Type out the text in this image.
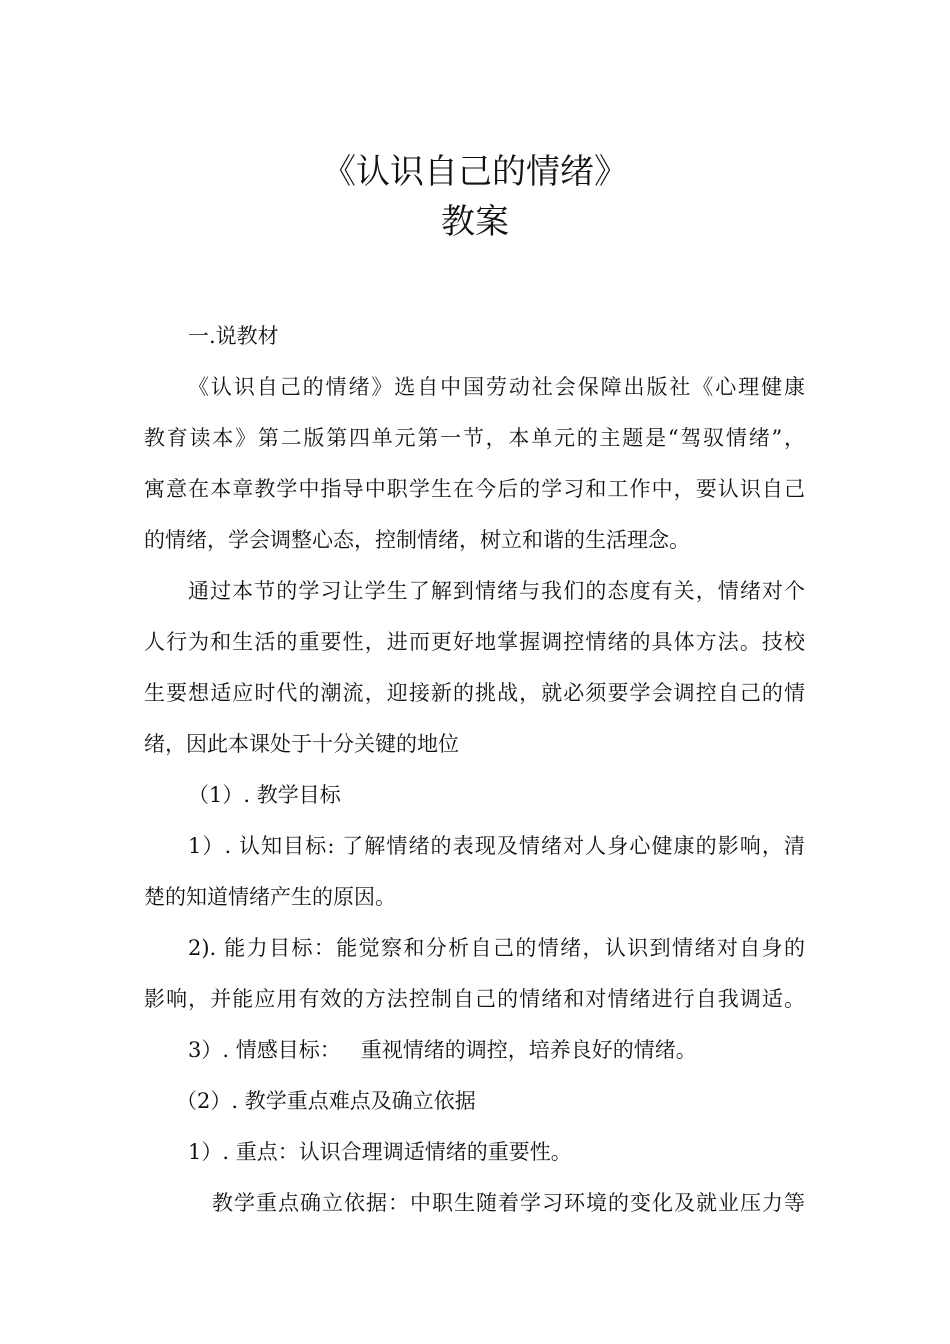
《认识自己的情绪》
教案
一.说教材
《认识自己的情绪》选自中国劳动社会保障出版社《心理健康
教育读本》第二版第四单元第一节，本单元的主题是“驾驭情绪”，
寓意在本章教学中指导中职学生在今后的学习和工作中，要认识自己
的情绪，学会调整心态，控制情绪，树立和谐的生活理念。
通过本节的学习让学生了解到情绪与我们的态度有关，情绪对个
人行为和生活的重要性，进而更好地掌握调控情绪的具体方法。技校
生要想适应时代的潮流，迎接新的挑战，就必须要学会调控自己的情
绪，因此本课处于十分关键的地位
（1）. 教学目标
1）. 认知目标: 了解情绪的表现及情绪对人身心健康的影响，清
楚的知道情绪产生的原因。
2). 能力目标：能觉察和分析自己的情绪，认识到情绪对自身的
影响，并能应用有效的方法控制自己的情绪和对情绪进行自我调适。
3）. 情感目标：   重视情绪的调控，培养良好的情绪。
（2）. 教学重点难点及确立依据
1）. 重点：认识合理调适情绪的重要性。
教学重点确立依据：中职生随着学习环境的变化及就业压力等
